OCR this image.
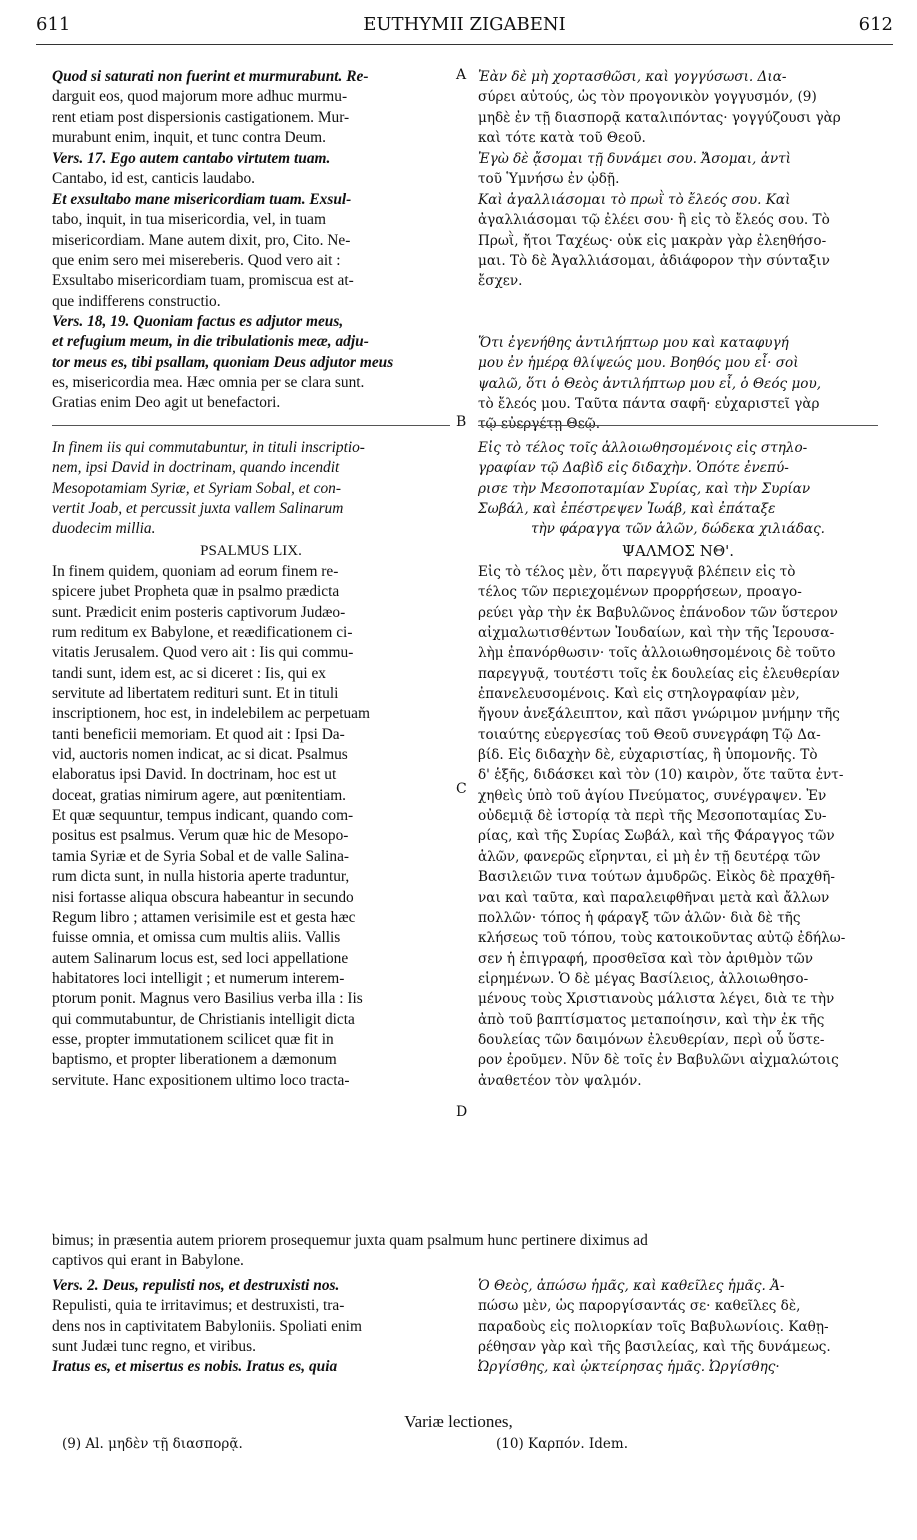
611	EUTHYMII ZIGABENI	612
A
B
C
D

Quod si saturati non fuerint et murmurabunt. Re-

darguit eos, quod majorum more adhuc murmu-

rent etiam post dispersionis castigationem. Mur-

murabunt enim, inquit, et tunc contra Deum.

Vers. 17. Ego autem cantabo virtutem tuam.

Cantabo, id est, canticis laudabo.

Et exsultabo mane misericordiam tuam. Exsul-

tabo, inquit, in tua misericordia, vel, in tuam

misericordiam. Mane autem dixit, pro, Cito. Ne-

que enim sero mei misereberis. Quod vero ait :

Exsultabo misericordiam tuam, promiscua est at-

que indifferens constructio.

Vers. 18, 19. Quoniam factus es adjutor meus,

et refugium meum, in die tribulationis meæ, adju-

tor meus es, tibi psallam, quoniam Deus adjutor meus

es, misericordia mea. Hæc omnia per se clara sunt.

Gratias enim Deo agit ut benefactori.

In finem iis qui commutabuntur, in tituli inscriptio-

nem, ipsi David in doctrinam, quando incendit

Mesopotamiam Syriæ, et Syriam Sobal, et con-

vertit Joab, et percussit juxta vallem Salinarum

duodecim millia.

PSALMUS LIX.

In finem quidem, quoniam ad eorum finem re-

spicere jubet Propheta quæ in psalmo prædicta

sunt. Prædicit enim posteris captivorum Judæo-

rum reditum ex Babylone, et reædificationem ci-

vitatis Jerusalem. Quod vero ait : Iis qui commu-

tandi sunt, idem est, ac si diceret : Iis, qui ex

servitute ad libertatem redituri sunt. Et in tituli

inscriptionem, hoc est, in indelebilem ac perpetuam

tanti beneficii memoriam. Et quod ait : Ipsi Da-

vid, auctoris nomen indicat, ac si dicat. Psalmus

elaboratus ipsi David. In doctrinam, hoc est ut

doceat, gratias nimirum agere, aut pœnitentiam.

Et quæ sequuntur, tempus indicant, quando com-

positus est psalmus. Verum quæ hic de Mesopo-

tamia Syriæ et de Syria Sobal et de valle Salina-

rum dicta sunt, in nulla historia aperte traduntur,

nisi fortasse aliqua obscura habeantur in secundo

Regum libro ; attamen verisimile est et gesta hæc

fuisse omnia, et omissa cum multis aliis. Vallis

autem Salinarum locus est, sed loci appellatione

habitatores loci intelligit ; et numerum interem-

ptorum ponit. Magnus vero Basilius verba illa : Iis

qui commutabuntur, de Christianis intelligit dicta

esse, propter immutationem scilicet quæ fit in

baptismo, et propter liberationem a dæmonum

servitute. Hanc expositionem ultimo loco tracta-

bimus; in præsentia autem priorem prosequemur juxta quam psalmum hunc pertinere diximus ad
captivos qui erant in Babylone.

Vers. 2. Deus, repulisti nos, et destruxisti nos.

Repulisti, quia te irritavimus; et destruxisti, tra-

dens nos in captivitatem Babyloniis. Spoliati enim

sunt Judæi tunc regno, et viribus.

Iratus es, et misertus es nobis. Iratus es, quia

Ἐὰν δὲ μὴ χορτασθῶσι, καὶ γογγύσωσι. Δια-

σύρει αὐτούς, ὡς τὸν προγονικὸν γογγυσμόν, (9)

μηδὲ ἐν τῇ διασπορᾷ καταλιπόντας· γογγύζουσι γὰρ

καὶ τότε κατὰ τοῦ Θεοῦ.

Ἐγὼ δὲ ᾄσομαι τῇ δυνάμει σου. Ἄσομαι, ἀντὶ

τοῦ Ὑμνήσω ἐν ᾠδῇ.

Καὶ ἀγαλλιάσομαι τὸ πρωῒ τὸ ἔλεός σου. Καὶ

ἀγαλλιάσομαι τῷ ἐλέει σου· ἢ εἰς τὸ ἔλεός σου. Τὸ

Πρωῒ, ἤτοι Ταχέως· οὐκ εἰς μακρὰν γὰρ ἐλεηθήσο-

μαι. Τὸ δὲ Ἀγαλλιάσομαι, ἀδιάφορον τὴν σύνταξιν

ἔσχεν.

Ὅτι ἐγενήθης ἀντιλήπτωρ μου καὶ καταφυγή

μου ἐν ἡμέρᾳ θλίψεώς μου. Βοηθός μου εἶ· σοὶ

ψαλῶ, ὅτι ὁ Θεὸς ἀντιλήπτωρ μου εἶ, ὁ Θεός μου,

τὸ ἔλεός μου. Ταῦτα πάντα σαφῆ· εὐχαριστεῖ γὰρ

τῷ εὐεργέτῃ Θεῷ.

Εἰς τὸ τέλος τοῖς ἀλλοιωθησομένοις εἰς στηλο-

γραφίαν τῷ Δαβὶδ εἰς διδαχὴν. Ὁπότε ἐνεπύ-

ρισε τὴν Μεσοποταμίαν Συρίας, καὶ τὴν Συρίαν

Σωβάλ, καὶ ἐπέστρεψεν Ἰωάβ, καὶ ἐπάταξε

τὴν φάραγγα τῶν ἁλῶν, δώδεκα χιλιάδας.

ΨΑΛΜΟΣ ΝΘ'.

Εἰς τὸ τέλος μὲν, ὅτι παρεγγυᾷ βλέπειν εἰς τὸ

τέλος τῶν περιεχομένων προρρήσεων, προαγο-

ρεύει γὰρ τὴν ἐκ Βαβυλῶνος ἐπάνοδον τῶν ὕστερον

αἰχμαλωτισθέντων Ἰουδαίων, καὶ τὴν τῆς Ἱερουσα-

λὴμ ἐπανόρθωσιν· τοῖς ἀλλοιωθησομένοις δὲ τοῦτο

παρεγγυᾷ, τουτέστι τοῖς ἐκ δουλείας εἰς ἐλευθερίαν

ἐπανελευσομένοις. Καὶ εἰς στηλογραφίαν μὲν,

ἤγουν ἀνεξάλειπτον, καὶ πᾶσι γνώριμον μνήμην τῆς

τοιαύτης εὐεργεσίας τοῦ Θεοῦ συνεγράφη Τῷ Δα-

βίδ. Εἰς διδαχὴν δὲ, εὐχαριστίας, ἢ ὑπομονῆς. Τὸ

δ' ἑξῆς, διδάσκει καὶ τὸν (10) καιρὸν, ὅτε ταῦτα ἐντ-

χηθεὶς ὑπὸ τοῦ ἁγίου Πνεύματος, συνέγραψεν. Ἐν

οὐδεμιᾷ δὲ ἱστορίᾳ τὰ περὶ τῆς Μεσοποταμίας Συ-

ρίας, καὶ τῆς Συρίας Σωβάλ, καὶ τῆς Φάραγγος τῶν

ἁλῶν, φανερῶς εἴρηνται, εἰ μὴ ἐν τῇ δευτέρᾳ τῶν

Βασιλειῶν τινα τούτων ἀμυδρῶς. Εἰκὸς δὲ πραχθῆ-

ναι καὶ ταῦτα, καὶ παραλειφθῆναι μετὰ καὶ ἄλλων

πολλῶν· τόπος ἡ φάραγξ τῶν ἁλῶν· διὰ δὲ τῆς

κλήσεως τοῦ τόπου, τοὺς κατοικοῦντας αὐτῷ ἐδήλω-

σεν ἡ ἐπιγραφή, προσθεῖσα καὶ τὸν ἀριθμὸν τῶν

εἱρημένων. Ὁ δὲ μέγας Βασίλειος, ἀλλοιωθησο-

μένους τοὺς Χριστιανοὺς μάλιστα λέγει, διὰ τε τὴν

ἀπὸ τοῦ βαπτίσματος μεταποίησιν, καὶ τὴν ἐκ τῆς

δουλείας τῶν δαιμόνων ἐλευθερίαν, περὶ οὗ ὕστε-

ρον ἐροῦμεν. Νῦν δὲ τοῖς ἐν Βαβυλῶνι αἰχμαλώτοις

ἀναθετέον τὸν ψαλμόν.

Ὁ Θεὸς, ἀπώσω ἡμᾶς, καὶ καθεῖλες ἡμᾶς. Ἀ-

πώσω μὲν, ὡς παροργίσαντάς σε· καθεῖλες δὲ,

παραδοὺς εἰς πολιορκίαν τοῖς Βαβυλωνίοις. Καθῃ-

ρέθησαν γὰρ καὶ τῆς βασιλείας, καὶ τῆς δυνάμεως.

Ὠργίσθης, καὶ ᾠκτείρησας ἡμᾶς. Ὠργίσθης·

Variæ lectiones,
(9) Al. μηδὲν τῇ διασπορᾷ.	(10) Καρπόν. Idem.
